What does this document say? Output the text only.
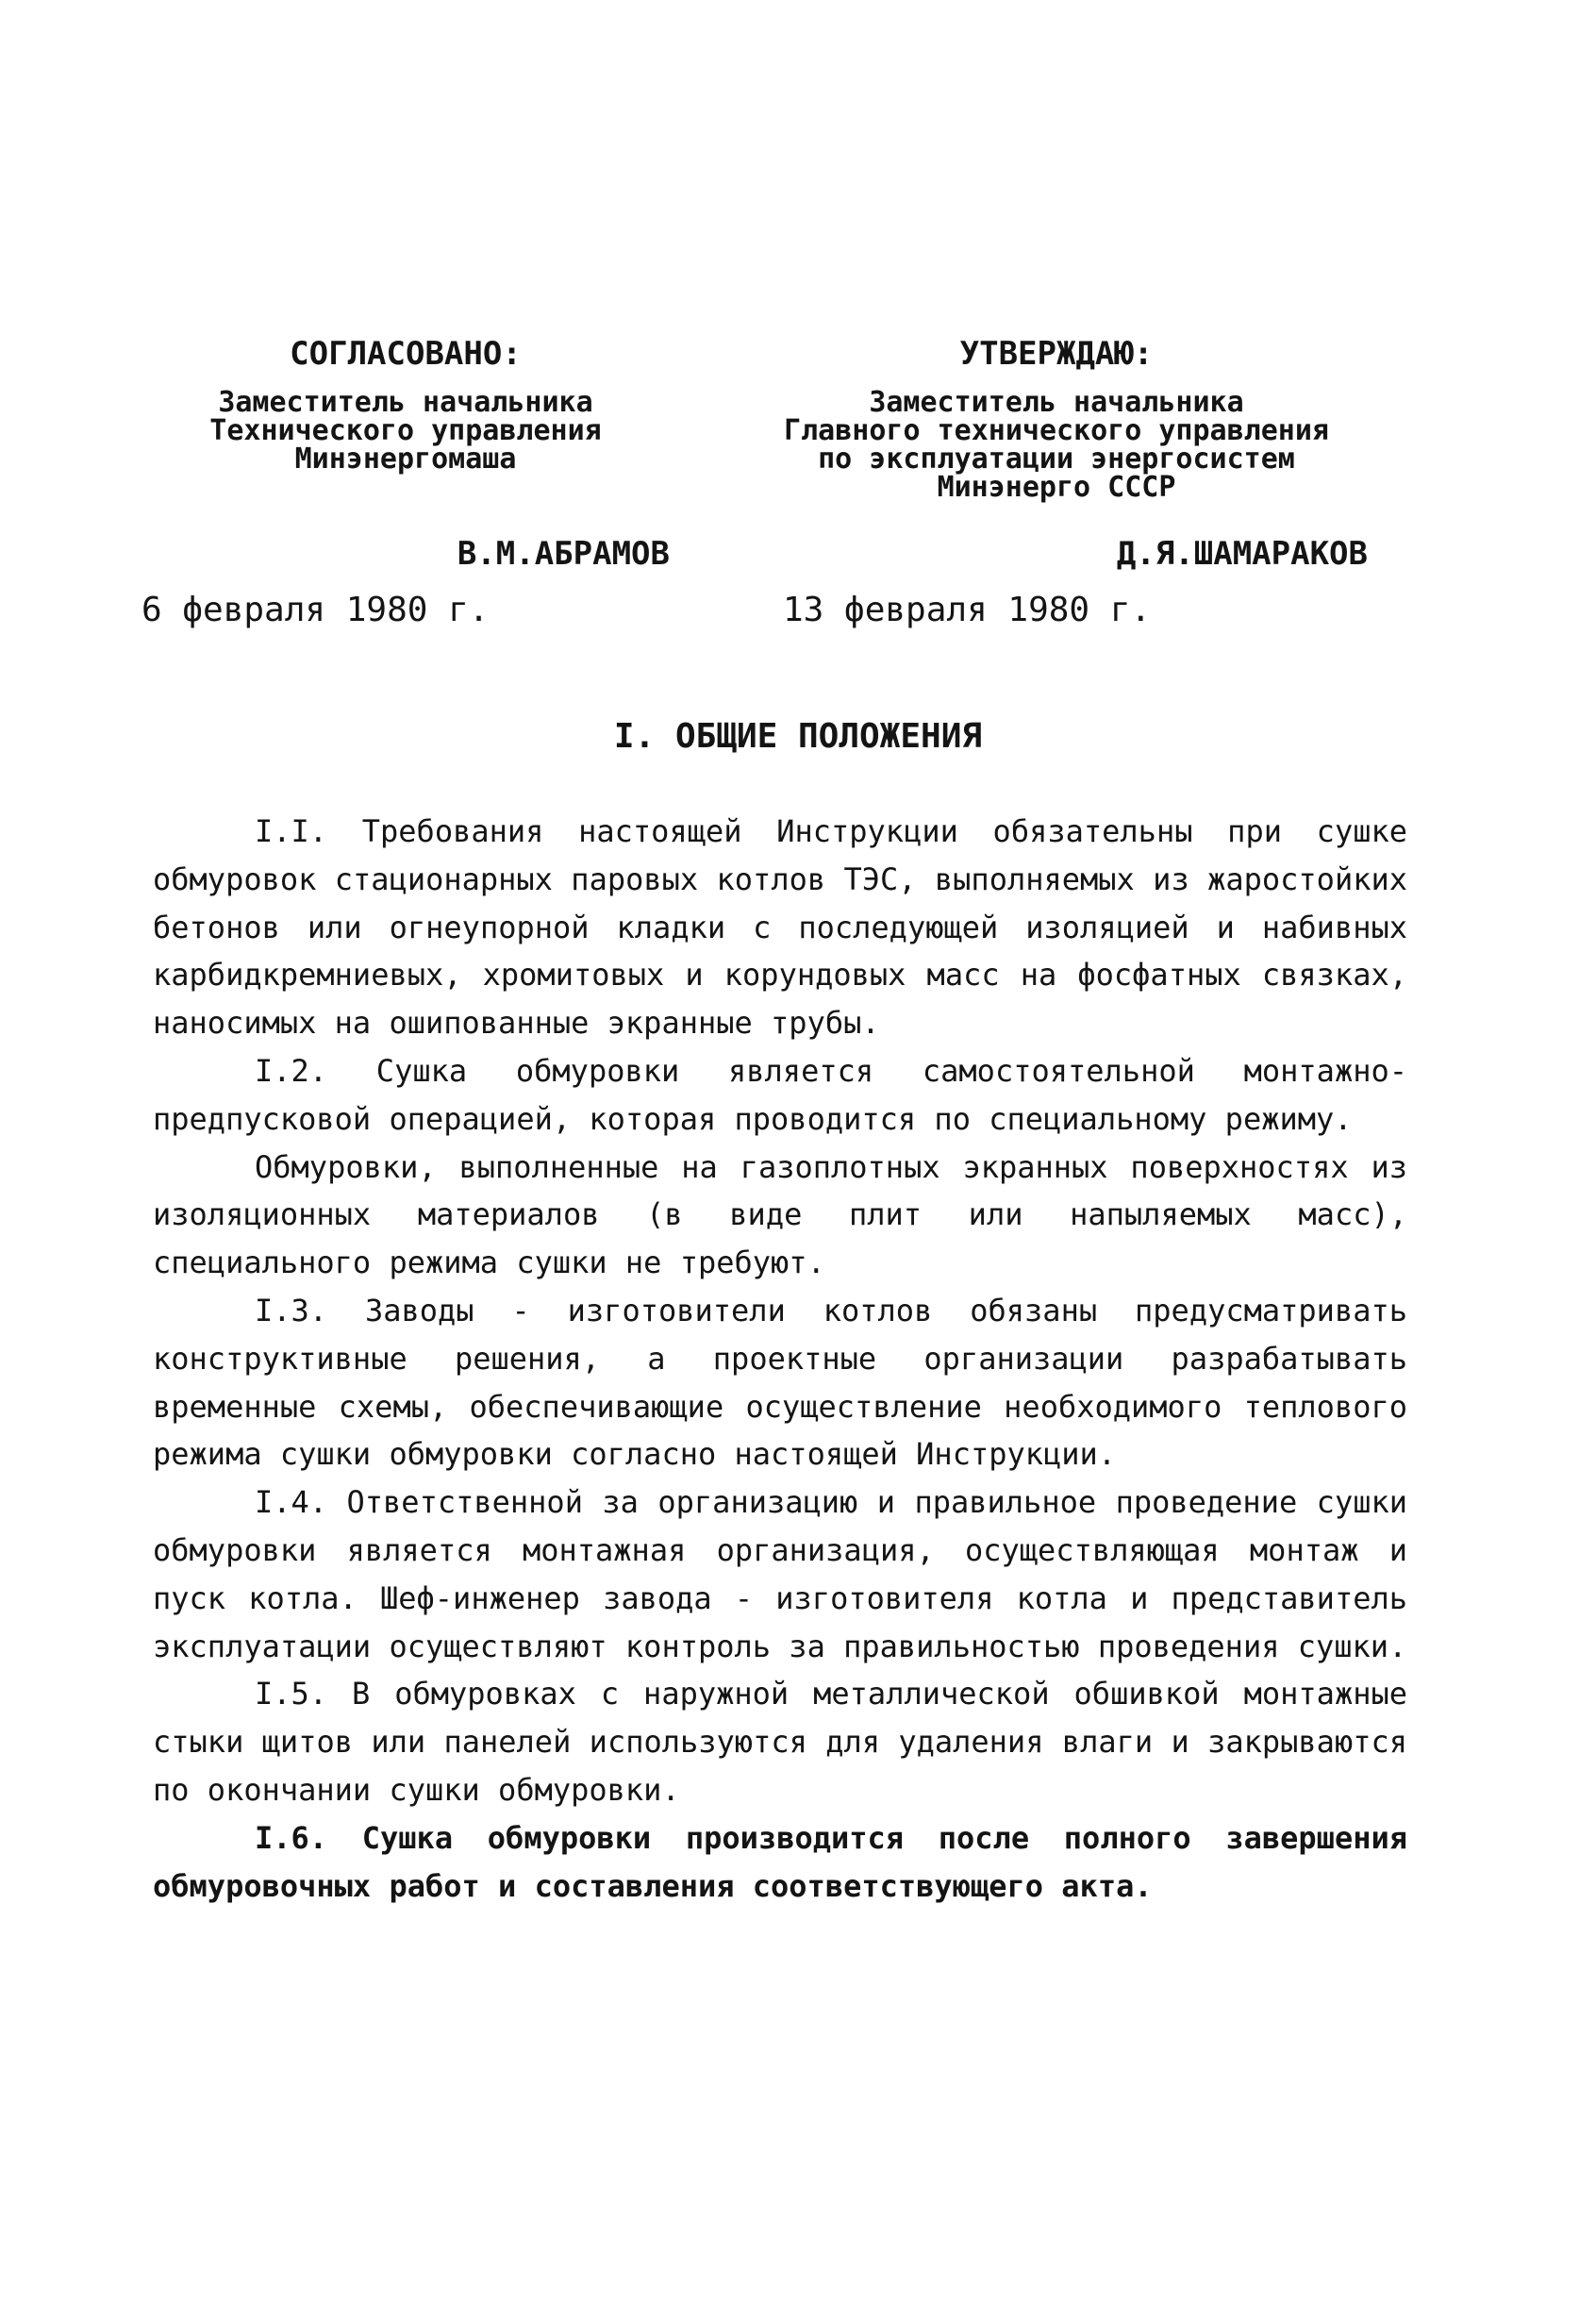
СОГЛАСОВАНО:
Заместитель начальника
Технического управления
Минэнергомаша
В.М.АБРАМОВ
6 февраля 1980 г.
УТВЕРЖДАЮ:
Заместитель начальника
Главного технического управления
по эксплуатации энергосистем
Минэнерго СССР
Д.Я.ШАМАРАКОВ
13 февраля 1980 г.
I. ОБЩИЕ ПОЛОЖЕНИЯ

I.I. Требования настоящей Инструкции обязательны при сушке обмуровок стационарных паровых котлов ТЭС, выполняемых из жаростойких бетонов или огнеупорной кладки с последующей изоляцией и набивных карбидкремниевых, хромитовых и корундовых масс на фосфатных связках, наносимых на ошипованные экранные трубы.

I.2. Сушка обмуровки является самостоятельной монтажно-предпусковой операцией, которая проводится по специальному режиму.

Обмуровки, выполненные на газоплотных экранных поверхностях из изоляционных материалов (в виде плит или напыляемых масс), специального режима сушки не требуют.

I.3. Заводы - изготовители котлов обязаны предусматривать конструктивные решения, а проектные организации разрабатывать временные схемы, обеспечивающие осуществление необходимого теплового режима сушки обмуровки согласно настоящей Инструкции.

I.4. Ответственной за организацию и правильное проведение сушки обмуровки является монтажная организация, осуществляющая монтаж и пуск котла. Шеф-инженер завода - изготовителя котла и представитель эксплуатации осуществляют контроль за правильностью проведения сушки.

I.5. В обмуровках с наружной металлической обшивкой монтажные стыки щитов или панелей используются для удаления влаги и закрываются по окончании сушки обмуровки.

I.6. Сушка обмуровки производится после полного завершения обмуровочных работ и составления соответствующего акта.
